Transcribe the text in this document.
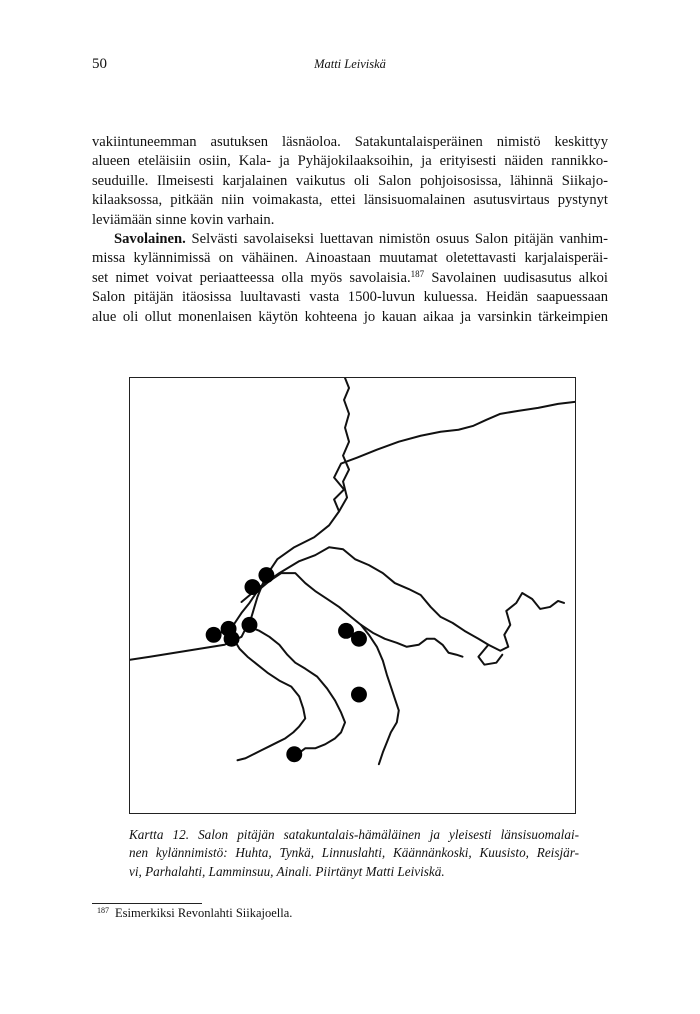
50	Matti Leiviskä

vakiintuneemman asutuksen läsnäoloa. Satakuntalaisperäinen nimistö keskittyy
alueen eteläisiin osiin, Kala- ja Pyhäjokilaaksoihin, ja erityisesti näiden rannikko-
seuduille. Ilmeisesti karjalainen vaikutus oli Salon pohjoisosissa, lähinnä Siikajo-
kilaaksossa, pitkään niin voimakasta, ettei länsisuomalainen asutusvirtaus pystynyt
leviämään sinne kovin varhain.

Savolainen. Selvästi savolaiseksi luettavan nimistön osuus Salon pitäjän vanhim-
missa kylännimissä on vähäinen. Ainoastaan muutamat oletettavasti karjalaisperäi-
set nimet voivat periaatteessa olla myös savolaisia.$^{187}$ Savolainen uudisasutus alkoi
Salon pitäjän itäosissa luultavasti vasta 1500-luvun kuluessa. Heidän saapuessaan
alue oli ollut monenlaisen käytön kohteena jo kauan aikaa ja varsinkin tärkeimpien

Kartta 12. Salon pitäjän satakuntalais-hämäläinen ja yleisesti länsisuomalai-
nen kylännimistö: Huhta, Tynkä, Linnuslahti, Käännänkoski, Kuusisto, Reisjär-
vi, Parhalahti, Lamminsuu, Ainali. Piirtänyt Matti Leiviskä.
$^{187}$ Esimerkiksi Revonlahti Siikajoella.
